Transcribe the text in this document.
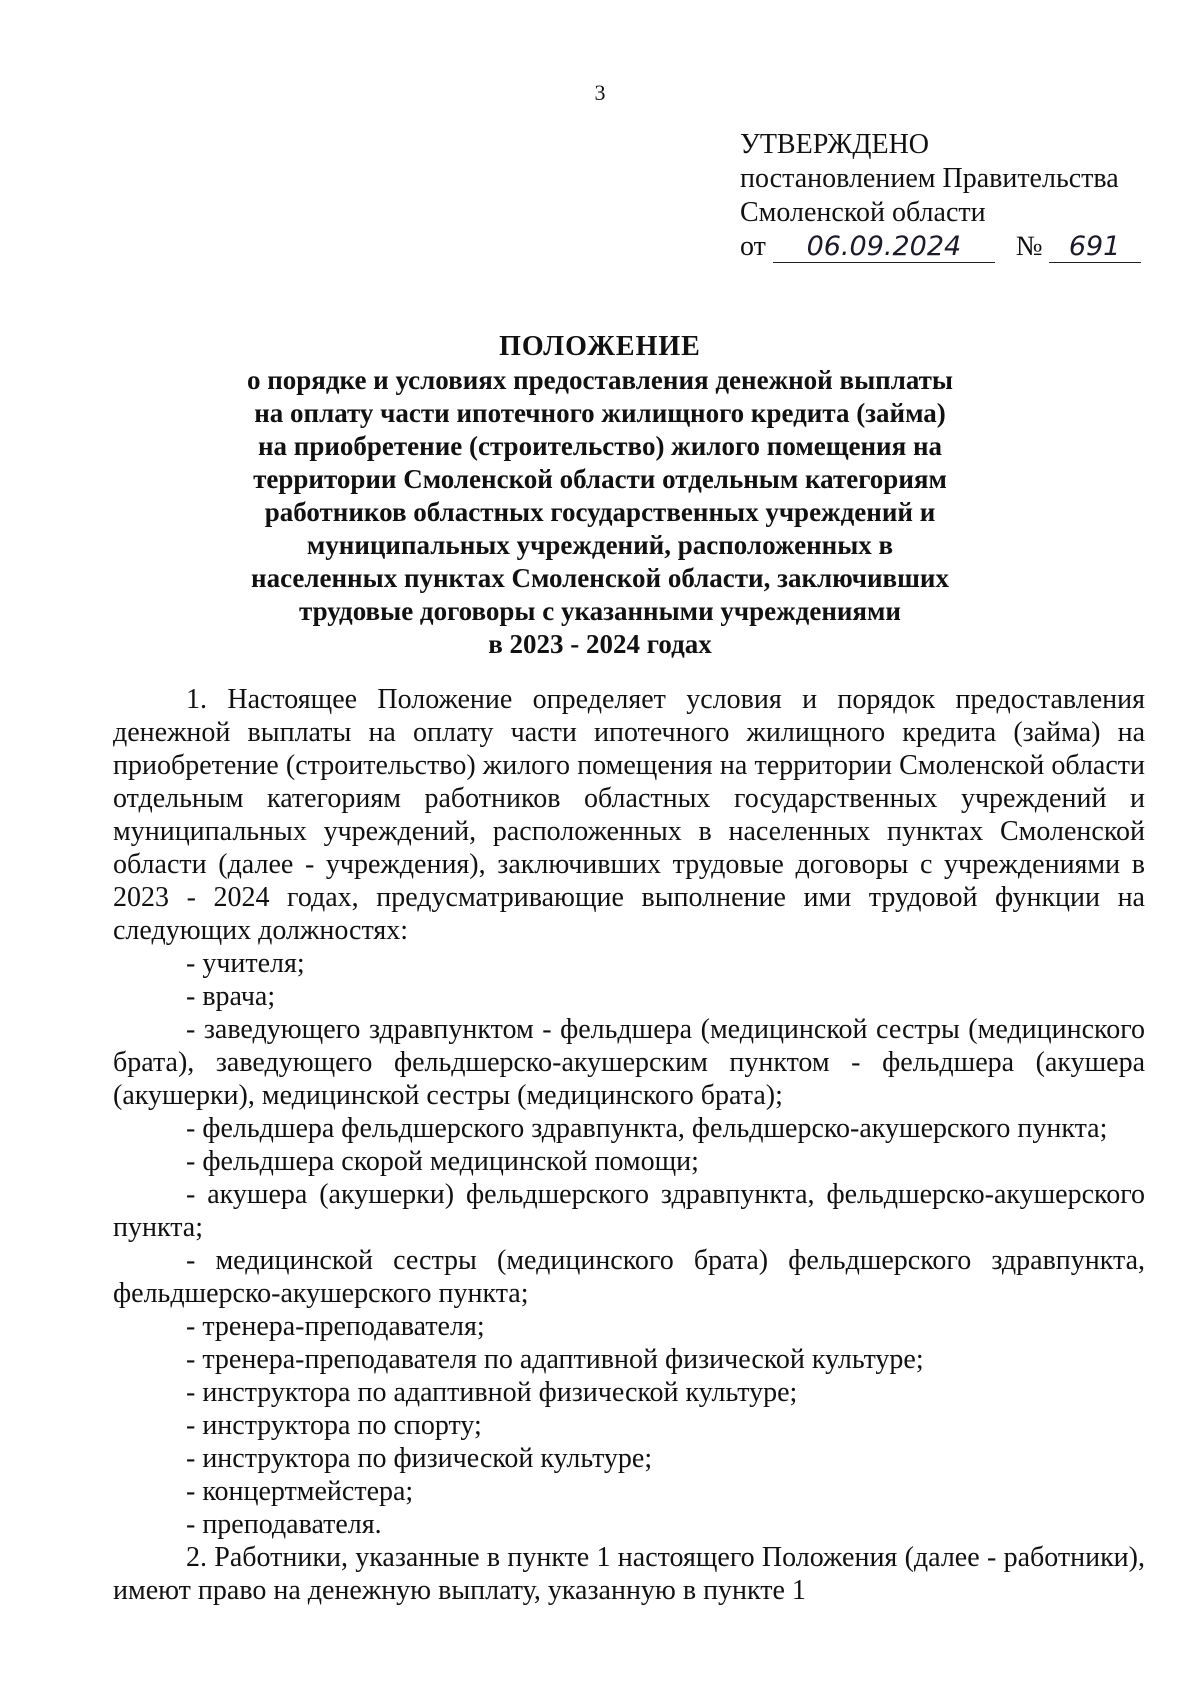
3
УТВЕРЖДЕНО
постановлением Правительства
Смоленской области
от 06.09.2024 № 691
ПОЛОЖЕНИЕ
о порядке и условиях предоставления денежной выплаты
на оплату части ипотечного жилищного кредита (займа)
на приобретение (строительство) жилого помещения на
территории Смоленской области отдельным категориям
работников областных государственных учреждений и
муниципальных учреждений, расположенных в
населенных пунктах Смоленской области, заключивших
трудовые договоры с указанными учреждениями
в 2023 - 2024 годах

1. Настоящее Положение определяет условия и порядок предоставления денежной выплаты на оплату части ипотечного жилищного кредита (займа) на приобретение (строительство) жилого помещения на территории Смоленской области отдельным категориям работников областных государственных учреждений и муниципальных учреждений, расположенных в населенных пунктах Смоленской области (далее - учреждения), заключивших трудовые договоры с учреждениями в 2023 - 2024 годах, предусматривающие выполнение ими трудовой функции на следующих должностях:

- учителя;

- врача;

- заведующего здравпунктом - фельдшера (медицинской сестры (медицинского брата), заведующего фельдшерско-акушерским пунктом - фельдшера (акушера (акушерки), медицинской сестры (медицинского брата);

- фельдшера фельдшерского здравпункта, фельдшерско-акушерского пункта;

- фельдшера скорой медицинской помощи;

- акушера (акушерки) фельдшерского здравпункта, фельдшерско-акушерского пункта;

- медицинской сестры (медицинского брата) фельдшерского здравпункта, фельдшерско-акушерского пункта;

- тренера-преподавателя;

- тренера-преподавателя по адаптивной физической культуре;

- инструктора по адаптивной физической культуре;

- инструктора по спорту;

- инструктора по физической культуре;

- концертмейстера;

- преподавателя.

2. Работники, указанные в пункте 1 настоящего Положения (далее - работники), имеют право на денежную выплату, указанную в пункте 1
